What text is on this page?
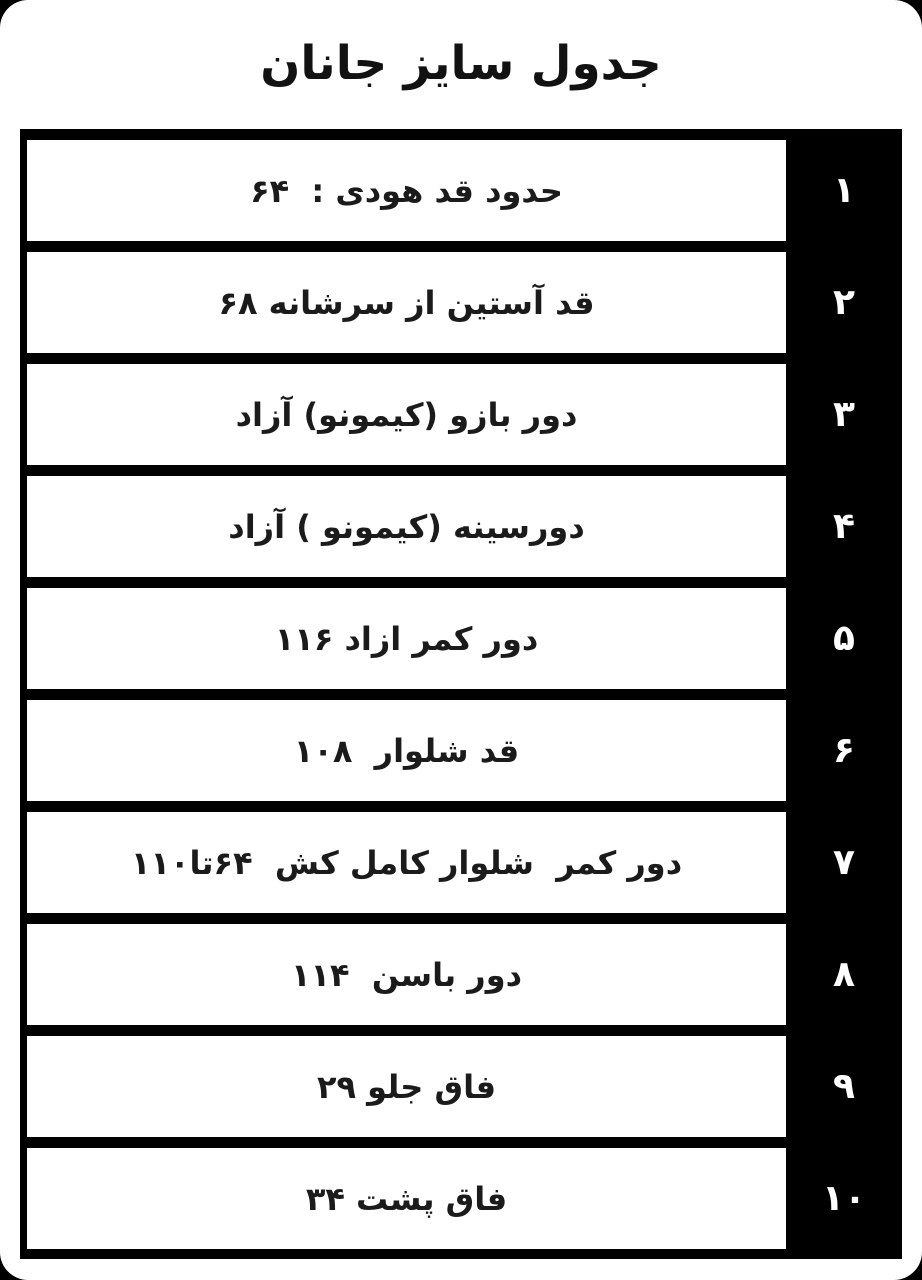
جدول سایز جانان
حدود قد هودی :  ۶۴	۱
قد آستین از سرشانه ۶۸	۲
دور بازو (کیمونو) آزاد	۳
دورسینه (کیمونو ) آزاد	۴
دور کمر ازاد ۱۱۶	۵
قد شلوار  ۱۰۸	۶
دور کمر  شلوار کامل کش  ۶۴تا۱۱۰	۷
دور باسن  ۱۱۴	۸
فاق جلو ۲۹	۹
فاق پشت ۳۴	۱۰
